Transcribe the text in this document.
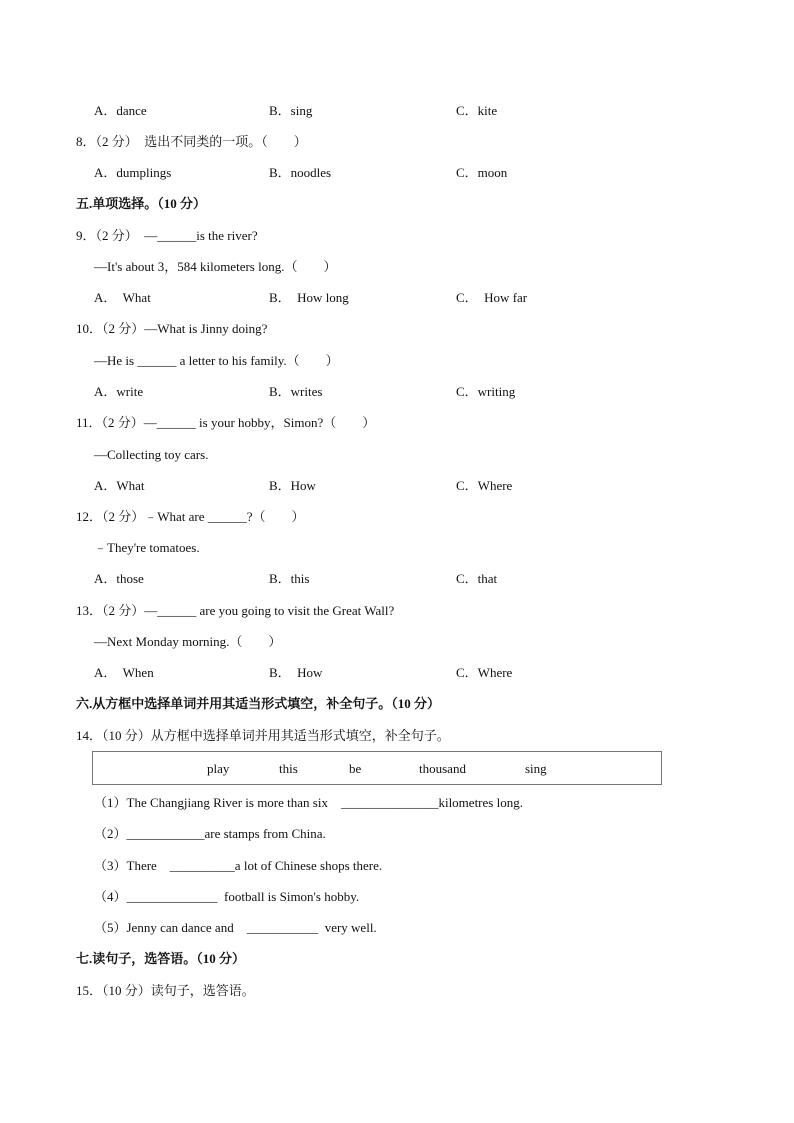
A．dance

	B．sing

	C．kite

8．（2 分）  选出不同类的一项。（        ）

A．dumplings

	B．noodles

	C．moon

五.单项选择。（10 分）

9．（2 分）  —______is the river?

—It's about 3，584 kilometers long.（        ）

A．  What

	B．  How long

	C．  How far

10．（2 分）—What is Jinny doing?

—He is ______ a letter to his family.（        ）

A．write

	B．writes

	C．writing

11．（2 分）—______ is your hobby，Simon?（        ）

—Collecting toy cars.

A．What

	B．How

	C．Where

12．（2 分）﹣What are ______?（        ）

﹣They're tomatoes.

A．those

	B．this

	C．that

13．（2 分）—______ are you going to visit the Great Wall?

—Next Monday morning.（        ）

A．  When

	B．  How

	C．Where

六.从方框中选择单词并用其适当形式填空，补全句子。（10 分）

14．（10 分）从方框中选择单词并用其适当形式填空，补全句子。

play	this	be	thousand	sing

（1）The Changjiang River is more than six    _______________kilometres long.

（2）____________are stamps from China.

（3）There    __________a lot of Chinese shops there.

（4）______________  football is Simon's hobby.

（5）Jenny can dance and    ___________  very well.

七.读句子，选答语。（10 分）

15．（10 分）读句子，选答语。
